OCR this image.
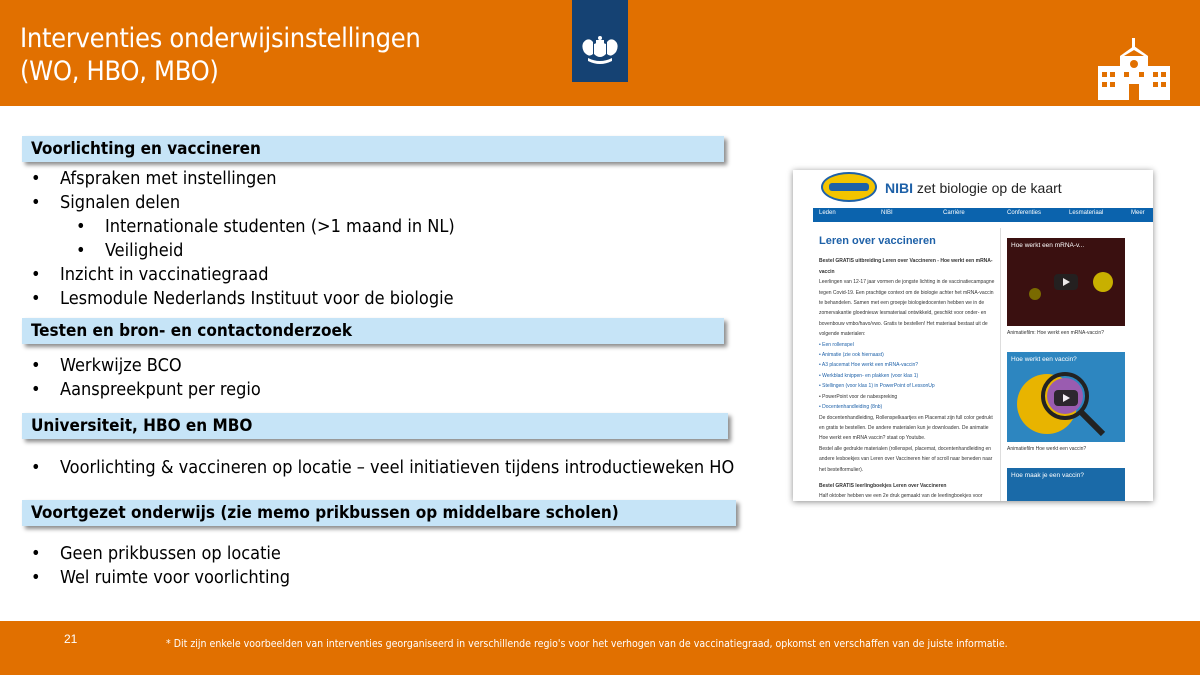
Interventies onderwijsinstellingen
(WO, HBO, MBO)
Voorlichting en vaccineren
• Afspraken met instellingen
• Signalen delen
• Internationale studenten (>1 maand in NL)
• Veiligheid
• Inzicht in vaccinatiegraad
• Lesmodule Nederlands Instituut voor de biologie
Testen en bron- en contactonderzoek
• Werkwijze BCO
• Aanspreekpunt per regio
Universiteit, HBO en MBO
• Voorlichting & vaccineren op locatie – veel initiatieven tijdens introductieweken HO
Voortgezet onderwijs (zie memo prikbussen op middelbare scholen)
• Geen prikbussen op locatie
• Wel ruimte voor voorlichting
NIBI zet biologie op de kaart
Leden	NIBI	Carrière	Conferenties	Lesmateriaal	Meer
Leren over vaccineren

Bestel GRATIS uitbreiding Leren over Vaccineren - Hoe werkt een mRNA-vaccin

Leerlingen van 12-17 jaar vormen de jongste lichting in de vaccinatiecampagne tegen Covid-19. Een prachtige context om de biologie achter het mRNA-vaccin te behandelen. Samen met een groepje biologiedocenten hebben we in de zomervakantie gloednieuw lesmateriaal ontwikkeld, geschikt voor onder- en bovenbouw vmbo/havo/vwo. Gratis te bestellen! Het materiaal bestaat uit de volgende materialen:

• Een rollenspel

• Animatie (zie ook hiernaast)

• A3 placemat Hoe werkt een mRNA-vaccin?

• Werkblad knippen- en plakken (voor klas 1)

• Stellingen (voor klas 1) in PowerPoint of LessonUp

• PowerPoint voor de nabespreking

• Docentenhandleiding (8nb)

De docentenhandleiding, Rollenspelkaartjes en Placemat zijn full color gedrukt en gratis te bestellen. De andere materialen kun je downloaden. De animatie Hoe werkt een mRNA vaccin? staat op Youtube.

Bestel alle gedrukte materialen (rollenspel, placemat, docentenhandleiding en andere lesboekjes van Leren over Vaccineren hier of scroll naar beneden naar het bestelformulier).

Bestel GRATIS leerlingboekjes Leren over Vaccineren

Half oktober hebben we een 2e druk gemaakt van de leerlingboekjes voor

Hoe werkt een mRNA-v...
Animatiefilm: Hoe werkt een mRNA-vaccin?
Hoe werkt een vaccin?
Animatiefilm Hoe werkt een vaccin?
Hoe maak je een vaccin?
21	* Dit zijn enkele voorbeelden van interventies georganiseerd in verschillende regio's voor het verhogen van de vaccinatiegraad, opkomst en verschaffen van de juiste informatie.
